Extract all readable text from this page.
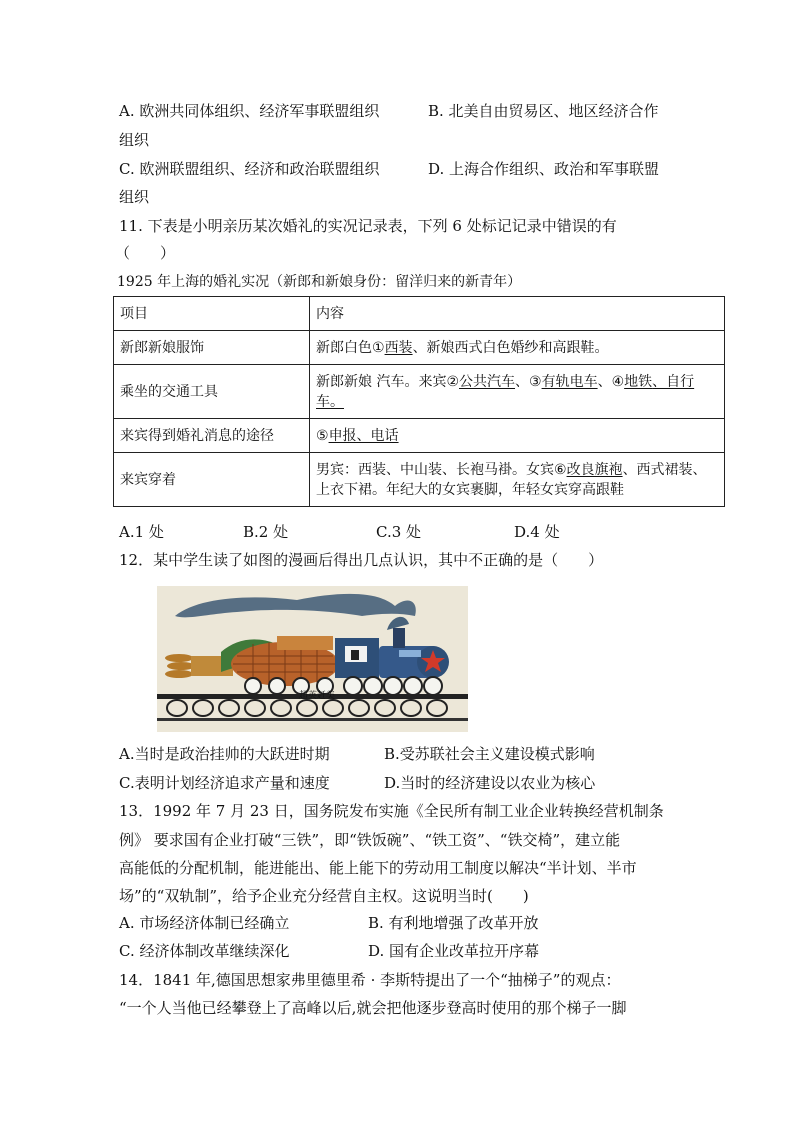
A. 欧洲共同体组织、经济军事联盟组织	B. 北美自由贸易区、地区经济合作
组织
C. 欧洲联盟组织、经济和政治联盟组织	D. 上海合作组织、政治和军事联盟
组织
11. 下表是小明亲历某次婚礼的实况记录表，下列 6 处标记记录中错误的有
（　　）
1925 年上海的婚礼实况（新郎和新娘身份：留洋归来的新青年）
项目	内容
新郎新娘服饰	新郎白色①西装、新娘西式白色婚纱和高跟鞋。
乘坐的交通工具	新郎新娘 汽车。来宾②公共汽车、③有轨电车、④地铁、自行车。
来宾得到婚礼消息的途径	⑤申报、电话
来宾穿着	男宾：西装、中山装、长袍马褂。女宾⑥改良旗袍、西式裙装、上衣下裙。年纪大的女宾裹脚，年轻女宾穿高跟鞋
A.1 处	B.2 处	C.3 处	D.4 处
12．某中学生读了如图的漫画后得出几点认识，其中不正确的是（　　）
超英赶美
A.当时是政治挂帅的大跃进时期	B.受苏联社会主义建设模式影响
C.表明计划经济追求产量和速度	D.当时的经济建设以农业为核心
13．1992 年 7 月 23 日，国务院发布实施《全民所有制工业企业转换经营机制条
例》 要求国有企业打破“三铁”，即“铁饭碗”、“铁工资”、“铁交椅”，建立能
高能低的分配机制，能进能出、能上能下的劳动用工制度以解决“半计划、半市
场”的“双轨制”，给予企业充分经营自主权。这说明当时(　　)
A. 市场经济体制已经确立	B. 有利地增强了改革开放
C. 经济体制改革继续深化	D. 国有企业改革拉开序幕
14．1841 年,德国思想家弗里德里希 · 李斯特提出了一个“抽梯子”的观点：
“一个人当他已经攀登上了高峰以后,就会把他逐步登高时使用的那个梯子一脚
